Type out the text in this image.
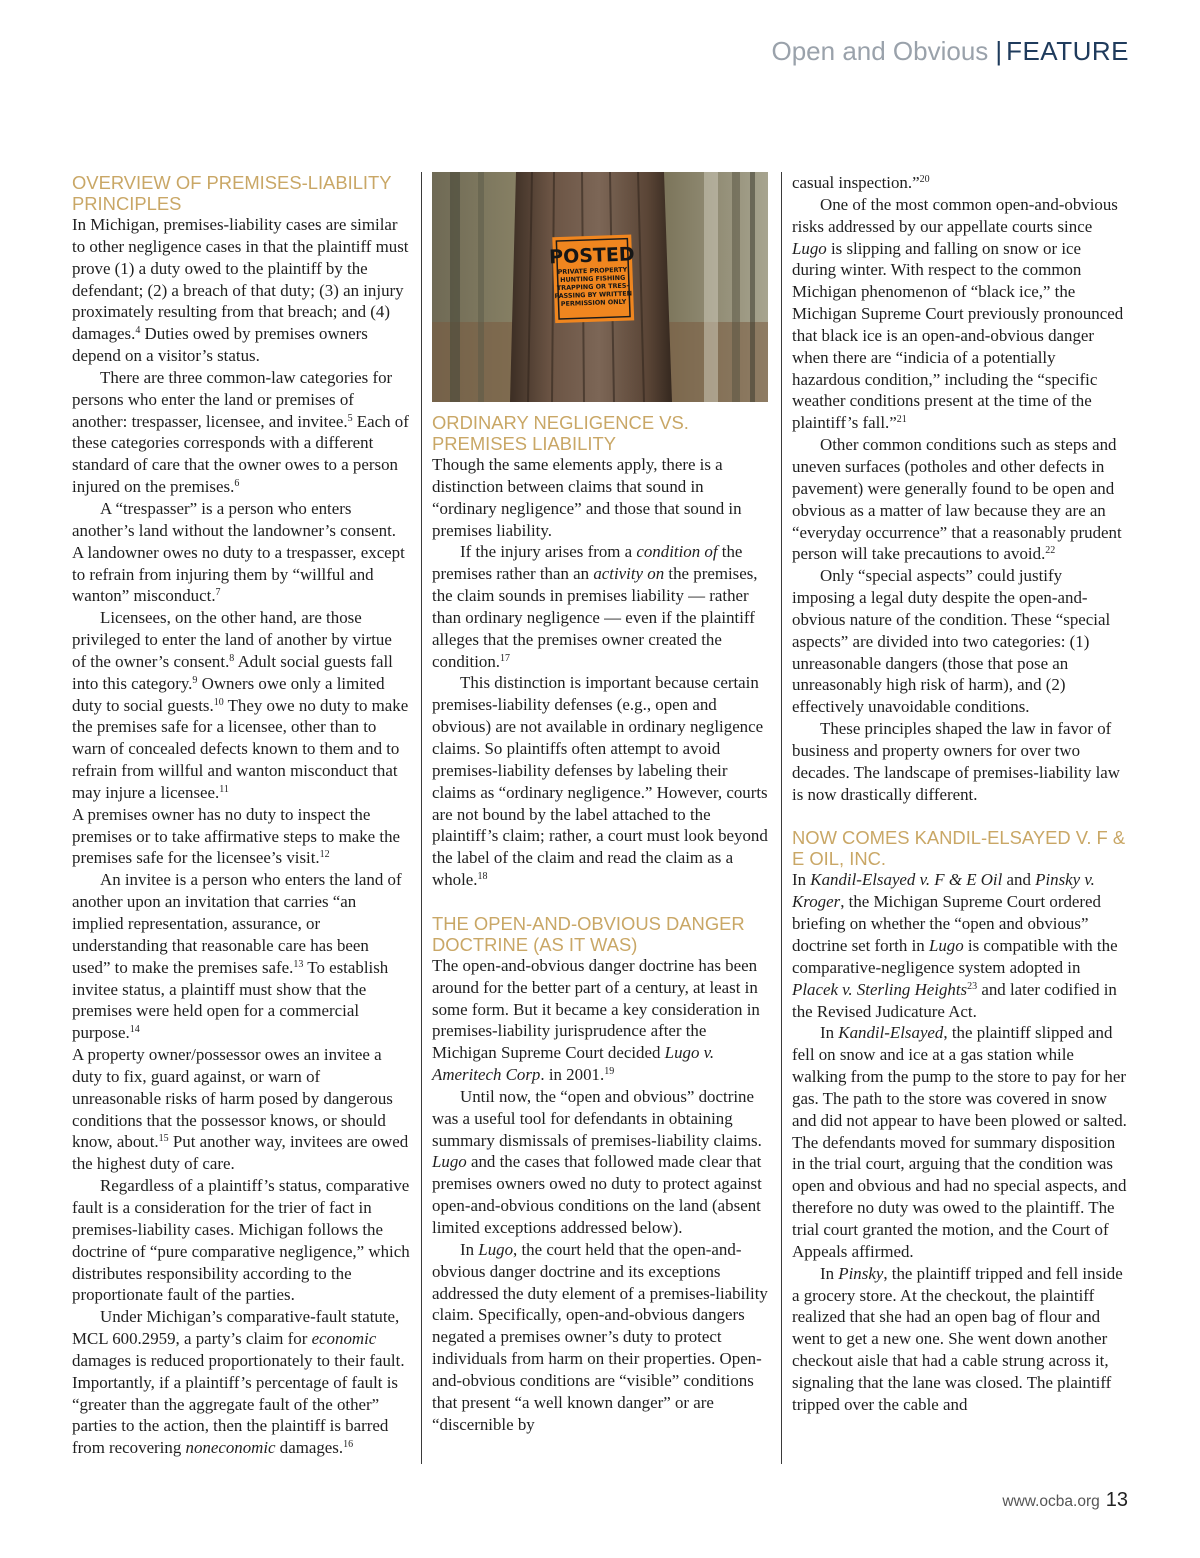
Open and Obvious | FEATURE
OVERVIEW OF PREMISES-LIABILITY PRINCIPLES

In Michigan, premises-liability cases are similar to other negligence cases in that the plaintiff must prove (1) a duty owed to the plaintiff by the defendant; (2) a breach of that duty; (3) an injury proximately resulting from that breach; and (4) damages.$^4$ Duties owed by premises owners depend on a visitor’s status.

There are three common-law categories for persons who enter the land or premises of another: trespasser, licensee, and invitee.$^5$ Each of these categories corresponds with a different standard of care that the owner owes to a person injured on the premises.$^6$

A “trespasser” is a person who enters another’s land without the landowner’s consent. A landowner owes no duty to a trespasser, except to refrain from injuring them by “willful and wanton” misconduct.$^7$

Licensees, on the other hand, are those privileged to enter the land of another by virtue of the owner’s consent.$^8$ Adult social guests fall into this category.$^9$ Owners owe only a limited duty to social guests.$^{10}$ They owe no duty to make the premises safe for a licensee, other than to warn of concealed defects known to them and to refrain from willful and wanton misconduct that may injure a licensee.$^{11}$

A premises owner has no duty to inspect the premises or to take affirmative steps to make the premises safe for the licensee’s visit.$^{12}$

An invitee is a person who enters the land of another upon an invitation that carries “an implied representation, assurance, or understanding that reasonable care has been used” to make the premises safe.$^{13}$ To establish invitee status, a plaintiff must show that the premises were held open for a commercial purpose.$^{14}$

A property owner/possessor owes an invitee a duty to fix, guard against, or warn of unreasonable risks of harm posed by dangerous conditions that the possessor knows, or should know, about.$^{15}$ Put another way, invitees are owed the highest duty of care.

Regardless of a plaintiff’s status, comparative fault is a consideration for the trier of fact in premises-liability cases. Michigan follows the doctrine of “pure comparative negligence,” which distributes responsibility according to the proportionate fault of the parties.

Under Michigan’s comparative-fault statute, MCL 600.2959, a party’s claim for economic damages is reduced proportionately to their fault. Importantly, if a plaintiff’s percentage of fault is “greater than the aggregate fault of the other” parties to the action, then the plaintiff is barred from recovering noneconomic damages.$^{16}$

POSTED
PRIVATE PROPERTY
HUNTING FISHING
TRAPPING OR TRES-
PASSING BY WRITTEN
PERMISSION ONLY
ORDINARY NEGLIGENCE VS. PREMISES LIABILITY

Though the same elements apply, there is a distinction between claims that sound in “ordinary negligence” and those that sound in premises liability.

If the injury arises from a condition of the premises rather than an activity on the premises, the claim sounds in premises liability — rather than ordinary negligence — even if the plaintiff alleges that the premises owner created the condition.$^{17}$

This distinction is important because certain premises-liability defenses (e.g., open and obvious) are not available in ordinary negligence claims. So plaintiffs often attempt to avoid premises-liability defenses by labeling their claims as “ordinary negligence.” However, courts are not bound by the label attached to the plaintiff’s claim; rather, a court must look beyond the label of the claim and read the claim as a whole.$^{18}$

THE OPEN-AND-OBVIOUS DANGER DOCTRINE (AS IT WAS)

The open-and-obvious danger doctrine has been around for the better part of a century, at least in some form. But it became a key consideration in premises-liability jurisprudence after the Michigan Supreme Court decided Lugo v. Ameritech Corp. in 2001.19

Until now, the “open and obvious” doctrine was a useful tool for defendants in obtaining summary dismissals of premises-liability claims. Lugo and the cases that followed made clear that premises owners owed no duty to protect against open-and-obvious conditions on the land (absent limited exceptions addressed below).

In Lugo, the court held that the open-and-obvious danger doctrine and its exceptions addressed the duty element of a premises-liability claim. Specifically, open-and-obvious dangers negated a premises owner’s duty to protect individuals from harm on their properties. Open-and-obvious conditions are “visible” conditions that present “a well known danger” or are “discernible by

casual inspection.”$^{20}$

One of the most common open-and-obvious risks addressed by our appellate courts since Lugo is slipping and falling on snow or ice during winter. With respect to the common Michigan phenomenon of “black ice,” the Michigan Supreme Court previously pronounced that black ice is an open-and-obvious danger when there are “indicia of a potentially hazardous condition,” including the “specific weather conditions present at the time of the plaintiff’s fall.”$^{21}$

Other common conditions such as steps and uneven surfaces (potholes and other defects in pavement) were generally found to be open and obvious as a matter of law because they are an “everyday occurrence” that a reasonably prudent person will take precautions to avoid.$^{22}$

Only “special aspects” could justify imposing a legal duty despite the open-and-obvious nature of the condition. These “special aspects” are divided into two categories: (1) unreasonable dangers (those that pose an unreasonably high risk of harm), and (2) effectively unavoidable conditions.

These principles shaped the law in favor of business and property owners for over two decades. The landscape of premises-liability law is now drastically different.

NOW COMES KANDIL-ELSAYED V. F & E OIL, INC.

In Kandil-Elsayed v. F & E Oil and Pinsky v. Kroger, the Michigan Supreme Court ordered briefing on whether the “open and obvious” doctrine set forth in Lugo is compatible with the comparative-negligence system adopted in Placek v. Sterling Heights$^{23}$ and later codified in the Revised Judicature Act.

In Kandil-Elsayed, the plaintiff slipped and fell on snow and ice at a gas station while walking from the pump to the store to pay for her gas. The path to the store was covered in snow and did not appear to have been plowed or salted. The defendants moved for summary disposition in the trial court, arguing that the condition was open and obvious and had no special aspects, and therefore no duty was owed to the plaintiff. The trial court granted the motion, and the Court of Appeals affirmed.

In Pinsky, the plaintiff tripped and fell inside a grocery store. At the checkout, the plaintiff realized that she had an open bag of flour and went to get a new one. She went down another checkout aisle that had a cable strung across it, signaling that the lane was closed. The plaintiff tripped over the cable and

www.ocba.org 13
